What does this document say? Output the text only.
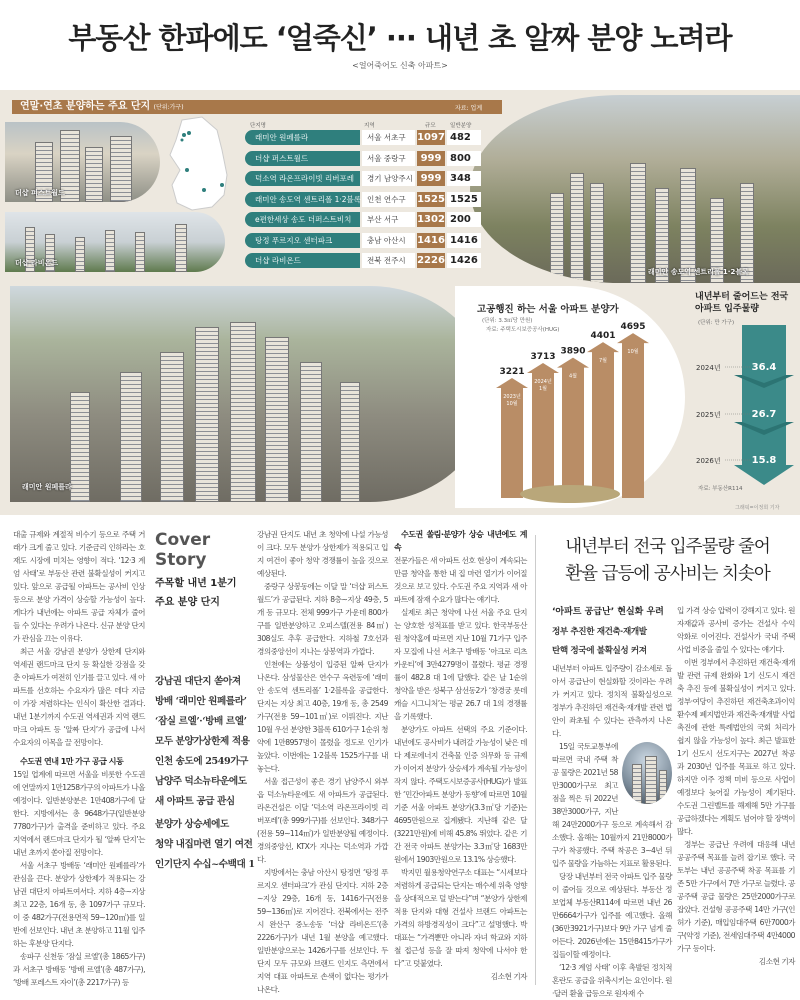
부동산 한파에도 ‘얼죽신’ ··· 내년 초 알짜 분양 노려라
<얼어죽어도 신축 아파트>
래미안 송도역 센트리폴 1·2블록
연말·연초 분양하는 주요 단지 (단위:가구)	자료: 업계
더샵 퍼스트월드
더샵 라비온드
단지명	지역	규모	일반분양
래미안 원페를라	서울 서초구	1097 482
더샵 퍼스트월드	서울 중랑구	999 800
덕소역 라온프라이빗 리버포레	경기 남양주시 999 348
래미안 송도역 센트리폴 1·2블록 인천 연수구	1525 1525
e편한세상 송도 더퍼스트비치	부산 서구	1302 200
탕정 푸르지오 센터파크	충남 아산시	1416 1416
더샵 라비온드	전북 전주시	2226 1426
래미안 원페를라
고공행진 하는 서울 아파트 분양가
(단위: 3.3㎡당 만원)
자료: 주택도시보증공사(HUG)
3221
2023년
10월
3713
2024년
1월
3890
4월
4401
7월
4695
10월
내년부터 줄어드는 전국 아파트 입주물량
(단위: 만 가구)
2024년	36.4
2025년	26.7
2026년	15.8
자료: 부동산R114
그래픽=이정희 기자

대출 규제와 계절적 비수기 등으로 주택 거래가 크게 줄고 있다. 기준금리 인하라는 호재도 시장에 미치는 영향이 적다. ‘12·3 계엄 사태’로 부동산 관련 불확실성이 커지고 있다. 앞으로 공급될 아파트는 공사비 인상 등으로 분양 가격이 상승할 가능성이 높다. 게다가 내년에는 아파트 공급 자체가 줄어들 수 있다는 우려가 나온다. 신규 분양 단지가 관심을 끄는 이유다.

최근 서울 강남권 분양가 상한제 단지와 역세권 랜드마크 단지 등 확실한 강점을 갖춘 아파트가 여전히 인기를 끌고 있다. 새 아파트를 선호하는 수요자가 많은 데다 지금이 가장 저렴하다는 인식이 확산한 결과다. 내년 1분기까지 수도권 역세권과 지역 랜드마크 아파트 등 ‘알짜 단지’가 공급에 나서 수요자의 이목을 끌 전망이다.

수도권 연내 1만 가구 공급 시동

15일 업계에 따르면 서울을 비롯한 수도권에 연말까지 1만1258가구의 아파트가 나올 예정이다. 일반분양분은 1만408가구에 달한다. 지방에서는 총 9648가구(일반분양 7780가구)가 출격을 준비하고 있다. 주요 지역에서 랜드마크 단지가 될 ‘알짜 단지’는 내년 초까지 쏟아질 전망이다.

서울 서초구 방배동 ‘래미안 원페를라’가 관심을 끈다. 분양가 상한제가 적용되는 강남권 대단지 아파트여서다. 지하 4층~지상 최고 22층, 16개 동, 총 1097가구 규모다. 이 중 482가구(전용면적 59~120㎡)를 일반에 선보인다. 내년 초 분양하고 11월 입주하는 후분양 단지다.

송파구 신천동 ‘잠실 르엘’(총 1865가구)과 서초구 방배동 ‘방배 르엘’(총 487가구), ‘방배 포레스트 자이’(총 2217가구) 등

Cover Story
주목할 내년 1분기
주요 분양 단지
강남권 대단지 쏟아져
방배 ‘래미안 원페를라’
‘잠실 르엘’·‘방배 르엘’
모두 분양가상한제 적용
인천 송도에 2549가구
남양주 덕소뉴타운에도
새 아파트 공급 관심
분양가 상승세에도
청약 내집마련 열기 여전
인기단지 수십~수백대 1

강남권 단지도 내년 초 청약에 나설 가능성이 크다. 모두 분양가 상한제가 적용되고 입지 여건이 좋아 청약 경쟁률이 높을 것으로 예상된다.

중랑구 상봉동에는 이달 말 ‘더샵 퍼스트월드’가 공급된다. 지하 8층~지상 49층, 5개 동 규모다. 전체 999가구 가운데 800가구를 일반분양하고 오피스텔(전용 84㎡) 308실도 추후 공급한다. 지하철 7호선과 경의중앙선이 지나는 상봉역과 가깝다.

인천에는 상품성이 입증된 알짜 단지가 나온다. 삼성물산은 연수구 옥련동에 ‘래미안 송도역 센트리폴’ 1·2블록을 공급한다. 단지는 지상 최고 40층, 19개 동, 총 2549가구(전용 59~101㎡)로 이뤄진다. 지난 10월 우선 분양한 3블록 610가구 1순위 청약에 1만8957명이 몰렸을 정도로 인기가 높았다. 이번에는 1·2블록 1525가구를 내놓는다.

서울 접근성이 좋은 경기 남양주시 와부읍 덕소뉴타운에도 새 아파트가 공급된다. 라온건설은 이달 ‘덕소역 라온프라이빗 리버포레’(총 999가구)를 선보인다. 348가구(전용 59~114㎡)가 일반분양될 예정이다. 경의중앙선, KTX가 지나는 덕소역과 가깝다.

지방에서는 충남 아산시 탕정면 ‘탕정 푸르지오 센터파크’가 관심 단지다. 지하 2층~지상 29층, 16개 동, 1416가구(전용 59~136㎡)로 지어진다. 전북에서는 전주시 완산구 중노송동 ‘더샵 라비온드’(총 2226가구)가 내년 1월 분양을 예고했다. 일반분양으로는 1426가구를 선보인다. 두 단지 모두 규모와 브랜드 인지도 측면에서 지역 대표 아파트로 손색이 없다는 평가가 나온다.

수도권 쏠림·분양가 상승 내년에도 계속

전문가들은 새 아파트 선호 현상이 계속되는 만큼 청약을 통한 내 집 마련 열기가 이어질 것으로 보고 있다. 수도권 주요 지역과 새 아파트에 잠재 수요가 많다는 얘기다.

실제로 최근 청약에 나선 서울 주요 단지는 양호한 성적표를 받고 있다. 한국부동산원 청약홈에 따르면 지난 10월 71가구 입주자 모집에 나선 서초구 방배동 ‘아크로 리츠카운티’에 3만4279명이 몰렸다. 평균 경쟁률이 482.8 대 1에 달했다. 같은 날 1순위 청약을 받은 성북구 삼선동2가 ‘창경궁 롯데캐슬 시그니처’는 평균 26.7 대 1의 경쟁률을 기록했다.

분양가도 아파트 선택의 주요 기준이다. 내년에도 공사비가 내려갈 가능성이 낮은 데다 제로에너지 건축물 인증 의무화 등 규제가 이어져 분양가 상승세가 계속될 가능성이 작지 않다. 주택도시보증공사(HUG)가 발표한 ‘민간아파트 분양가 동향’에 따르면 10월 기준 서울 아파트 분양가(3.3㎡당 기준)는 4695만원으로 집계됐다. 지난해 같은 달(3221만원)에 비해 45.8% 뛰었다. 같은 기간 전국 아파트 분양가는 3.3㎡당 1683만원에서 1903만원으로 13.1% 상승했다.

박지민 월용청약연구소 대표는 “시세보다 저렴하게 공급되는 단지는 매수세 위축 영향을 상대적으로 덜 받는다”며 “분양가 상한제 적용 단지와 대형 건설사 브랜드 아파트는 가격의 하방경직성이 크다”고 설명했다. 박 대표는 “가격뿐만 아니라 자녀 학교와 지하철 접근성 등을 잘 따져 청약에 나서야 한다”고 덧붙였다.

김소현 기자

내년부터 전국 입주물량 줄어
환율 급등에 공사비는 치솟아
‘아파트 공급난’ 현실화 우려
정부 추진한 재건축·재개발
탄핵 정국에 불확실성 커져

내년부터 아파트 입주량이 감소세로 돌아서 공급난이 현실화할 것이라는 우려가 커지고 있다. 정치적 불확실성으로 정부가 추진하던 재건축·재개발 관련 법안이 좌초될 수 있다는 관측까지 나온다.

15일 국토교통부에 따르면 국내 주택 착공 물량은 2021년 58만3000가구로 최고점을 찍은 뒤 2022년 38만3000가구, 지난해 24만2000가구 등으로 계속해서 감소했다. 올해는 10월까지 21만8000가구가 착공했다. 주택 착공은 3~4년 뒤 입주 물량을 가늠하는 지표로 활용된다.

당장 내년부터 전국 아파트 입주 물량이 줄어들 것으로 예상된다. 부동산 정보업체 부동산R114에 따르면 내년 26만6664가구가 입주를 예고했다. 올해(36만3921가구)보다 9만 가구 넘게 줄어든다. 2026년에는 15만8415가구가 집들이할 예정이다.

‘12·3 계엄 사태’ 이후 촉발된 정치적 혼란도 공급을 위축시키는 요인이다. 원·달러 환율 급등으로 원자재 수

입 가격 상승 압력이 강해지고 있다. 원자재값과 공사비 증가는 건설사 수익 악화로 이어진다. 건설사가 국내 주택 사업 비중을 줄일 수 있다는 얘기다.

이번 정부에서 추진하던 재건축·재개발 관련 규제 완화와 1기 신도시 재건축 추진 등에 불확실성이 커지고 있다. 정부·여당이 추진하던 재건축초과이익 환수제 폐지법안과 재건축·재개발 사업 촉진에 관한 특례법안의 국회 처리가 쉽지 않을 가능성이 높다. 최근 발표한 1기 신도시 선도지구는 2027년 착공과 2030년 입주를 목표로 하고 있다. 하지만 이주 정책 미비 등으로 사업이 예정보다 늦어질 가능성이 제기된다. 수도권 그린벨트를 해제해 5만 가구를 공급하겠다는 계획도 넘어야 할 장벽이 많다.

정부는 공급난 우려에 대응해 내년 공공주택 목표를 늘려 잡기로 했다. 국토부는 내년 공공주택 착공 목표를 기존 5만 가구에서 7만 가구로 늘렸다. 공공주택 공급 물량은 25만2000가구로 잡았다. 건설형 공공주택 14만 가구(인허가 기준), 매입임대주택 6만7000가구(약정 기준), 전세임대주택 4만4000가구 등이다.

김소현 기자
